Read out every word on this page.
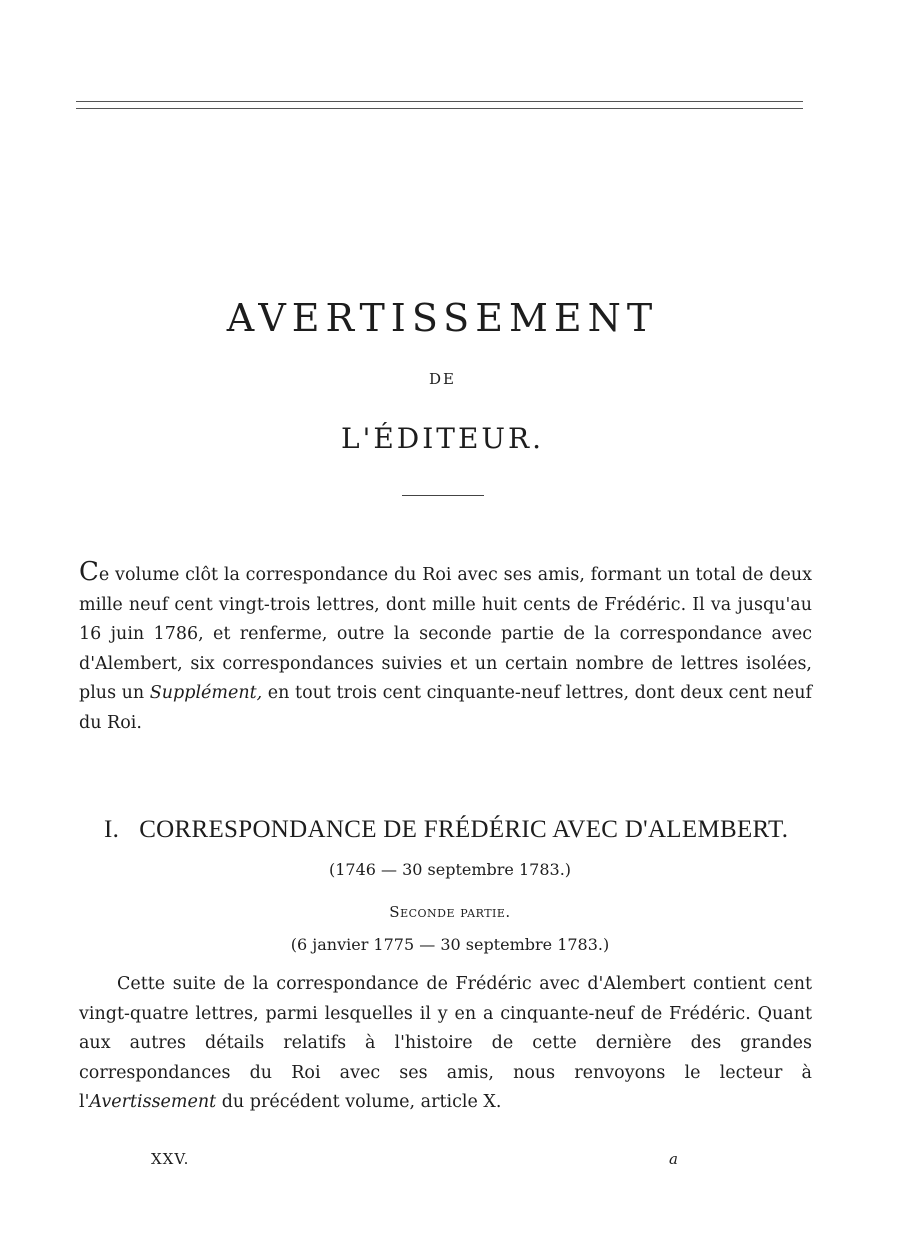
AVERTISSEMENT
DE
L'ÉDITEUR.

Ce volume clôt la correspondance du Roi avec ses amis, formant un total de deux mille neuf cent vingt-trois lettres, dont mille huit cents de Frédéric. Il va jusqu'au 16 juin 1786, et renferme, outre la seconde partie de la correspondance avec d'Alembert, six correspondances suivies et un certain nombre de lettres isolées, plus un Supplément, en tout trois cent cinquante-neuf lettres, dont deux cent neuf du Roi.

I. CORRESPONDANCE DE FRÉDÉRIC AVEC D'ALEMBERT.
(1746 — 30 septembre 1783.)
Seconde partie.
(6 janvier 1775 — 30 septembre 1783.)

Cette suite de la correspondance de Frédéric avec d'Alembert contient cent vingt-quatre lettres, parmi lesquelles il y en a cinquante-neuf de Frédéric. Quant aux autres détails relatifs à l'histoire de cette dernière des grandes correspondances du Roi avec ses amis, nous renvoyons le lecteur à l'Avertissement du précédent volume, article X.

XXV.	a
